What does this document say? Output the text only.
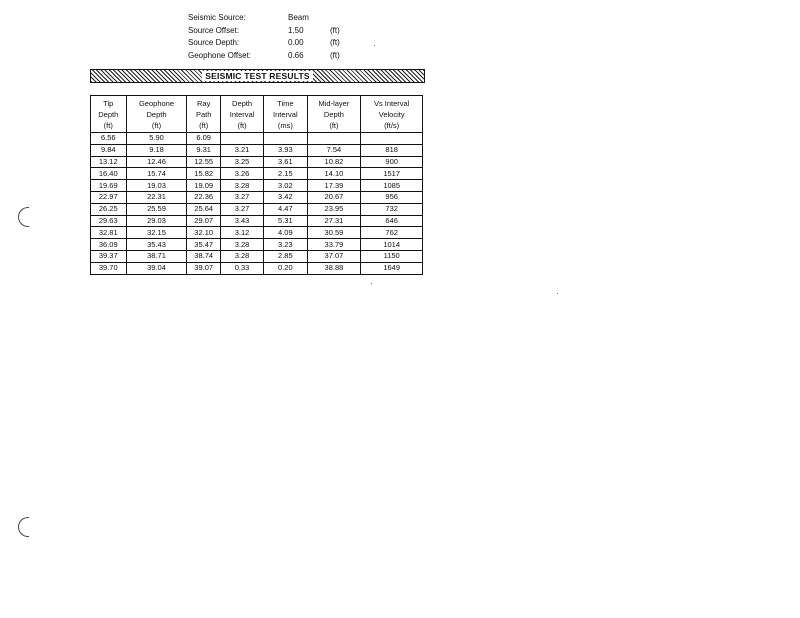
Seismic Source:	Beam
Source Offset:	1.50	(ft)
Source Depth:	0.00	(ft)
Geophone Offset:	0.66	(ft)
SEISMIC TEST RESULTS
Tip
Depth
(ft)	Geophone
Depth
(ft)	Ray
Path
(ft)	Depth
Interval
(ft)	Time
Interval
(ms)	Mid-layer
Depth
(ft)	Vs Interval
Velocity
(ft/s)

6.56	5.90	6.09				
9.84	9.18	9.31	3.21	3.93	7.54	818
13.12	12.46	12.55	3.25	3.61	10.82	900
16.40	15.74	15.82	3.26	2.15	14.10	1517
19.69	19.03	19.09	3.28	3.02	17.39	1085
22.97	22.31	22.36	3.27	3.42	20.67	956
26.25	25.59	25.64	3.27	4.47	23.95	732
29.63	29.03	29.07	3.43	5.31	27.31	646
32.81	32.15	32.10	3.12	4.09	30.59	762
36.09	35.43	35.47	3.28	3.23	33.79	1014
39.37	38.71	38.74	3.28	2.85	37.07	1150
39.70	39.04	39.07	0.33	0.20	38.88	1649
·
·
·
